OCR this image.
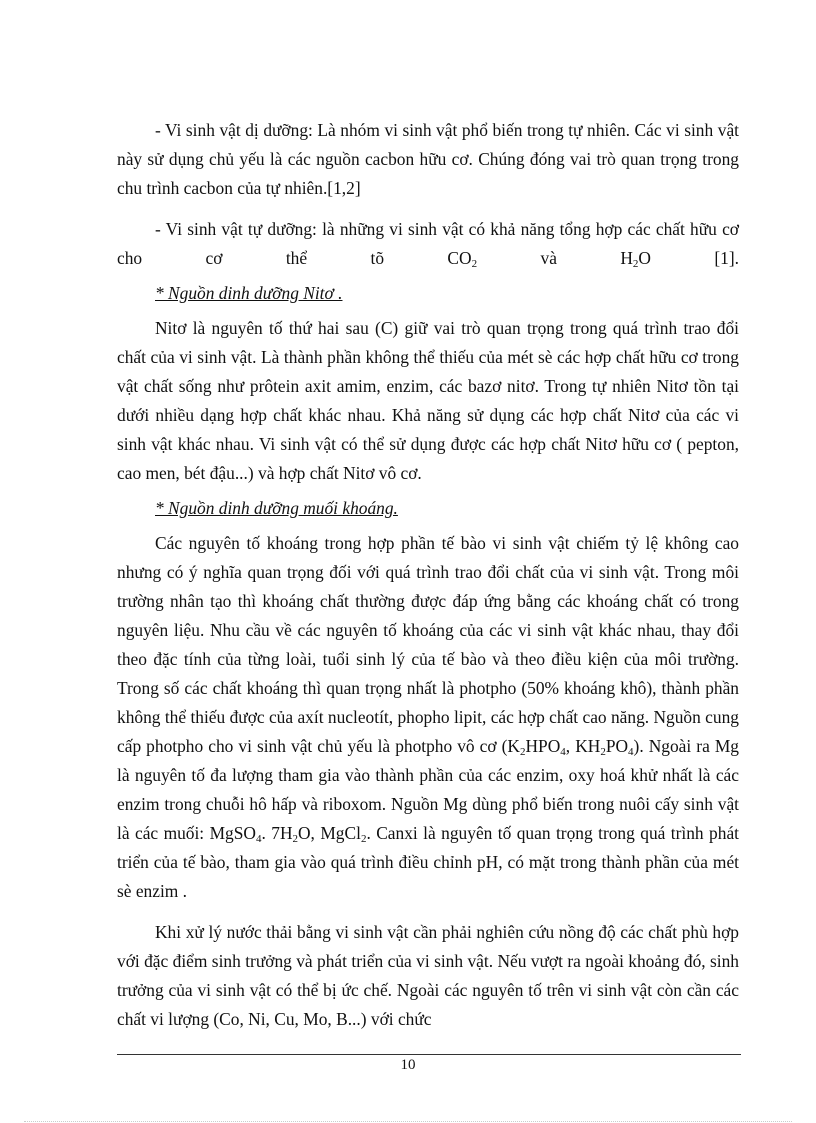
- Vi sinh vật dị dưỡng: Là nhóm vi sinh vật phổ biến trong tự nhiên. Các vi sinh vật này sử dụng chủ yếu là các nguồn cacbon hữu cơ. Chúng đóng vai trò quan trọng trong chu trình cacbon của tự nhiên.[1,2]

- Vi sinh vật tự dưỡng: là những vi sinh vật có khả năng tổng hợp các chất hữu cơ cho cơ thể tõ $CO_2$ và $H_2O$ [1].

* Nguồn dinh dưỡng Nitơ .

Nitơ là nguyên tố thứ hai sau (C) giữ vai trò quan trọng trong quá trình trao đổi chất của vi sinh vật. Là thành phần không thể thiếu của mét sè các hợp chất hữu cơ trong vật chất sống như prôtein axit amim, enzim, các bazơ nitơ. Trong tự nhiên Nitơ tồn tại dưới nhiều dạng hợp chất khác nhau. Khả năng sử dụng các hợp chất Nitơ của các vi sinh vật khác nhau. Vi sinh vật có thể sử dụng được các hợp chất Nitơ hữu cơ ( pepton, cao men, bét đậu...) và hợp chất Nitơ vô cơ.

* Nguồn dinh dưỡng muối khoáng.

Các nguyên tố khoáng trong hợp phần tế bào vi sinh vật chiếm tỷ lệ không cao nhưng có ý nghĩa quan trọng đối với quá trình trao đổi chất của vi sinh vật. Trong môi trường nhân tạo thì khoáng chất thường được đáp ứng bằng các khoáng chất có trong nguyên liệu. Nhu cầu về các nguyên tố khoáng của các vi sinh vật khác nhau, thay đổi theo đặc tính của từng loài, tuổi sinh lý của tế bào và theo điều kiện của môi trường. Trong số các chất khoáng thì quan trọng nhất là photpho (50% khoáng khô), thành phần không thể thiếu được của axít nucleotít, phopho lipit, các hợp chất cao năng. Nguồn cung cấp photpho cho vi sinh vật chủ yếu là photpho vô cơ ($K_2HPO_4$, $KH_2PO_4$). Ngoài ra Mg là nguyên tố đa lượng tham gia vào thành phần của các enzim, oxy hoá khử nhất là các enzim trong chuỗi hô hấp và riboxom. Nguồn Mg dùng phổ biến trong nuôi cấy sinh vật là các muối: MgSO$_4$. $7H_2O$, MgCl$_2$. Canxi là nguyên tố quan trọng trong quá trình phát triển của tế bào, tham gia vào quá trình điều chỉnh pH, có mặt trong thành phần của mét sè enzim .

Khi xử lý nước thải bằng vi sinh vật cần phải nghiên cứu nồng độ các chất phù hợp với đặc điểm sinh trưởng và phát triển của vi sinh vật. Nếu vượt ra ngoài khoảng đó, sinh trưởng của vi sinh vật có thể bị ức chế. Ngoài các nguyên tố trên vi sinh vật còn cần các chất vi lượng (Co, Ni, Cu, Mo, B...) với chức

10
